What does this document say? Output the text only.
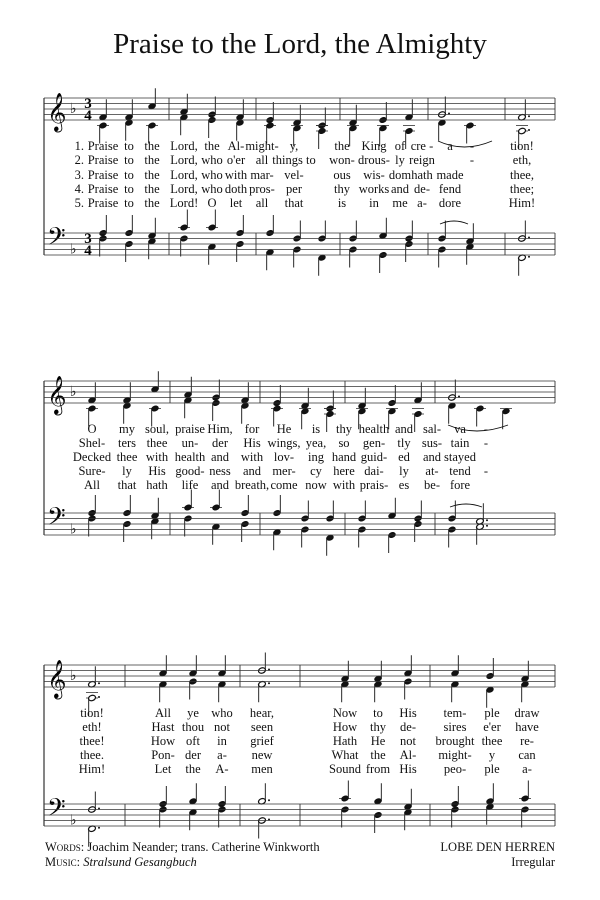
Praise to the Lord, the Almighty
3
4
3
4
𝄞
𝄢
♭
♭
1. Praise to the Lord, the Al- might- y,	the King of cre - a -	tion!
2. Praise to the Lord, who o'er all things to won- drous- ly reign	-	eth,
3. Praise to the Lord, who with mar- vel- ous wis- dom hath made	thee,
4. Praise to the Lord, who doth pros- per	thy works and de- fend	thee;
5. Praise to the Lord! O let all that	is in me a- dore	Him!
𝄞
𝄢
♭
♭
O my soul, praise Him, for He is thy health and sal- va -
Shel- ters thee un- der His wings, yea, so gen- tly sus- tain -
Decked thee with health and with lov- ing hand guid- ed and stayed
Sure- ly His good- ness and mer- cy here dai- ly at- tend -
All that hath life and breath, come now with prais- es be- fore
𝄞
𝄢
♭
♭
tion!	All ye who hear,	Now to His tem- ple draw
eth!	Hast thou not seen	How thy de- sires e'er have
thee!	How oft in grief	Hath He not brought thee re-
thee.	Pon- der a- new	What the Al- might- y can
Him!	Let the A- men	Sound from His peo- ple a-
Words: Joachim Neander; trans. Catherine Winkworth
Music: Stralsund Gesangbuch
LOBE DEN HERREN
Irregular
